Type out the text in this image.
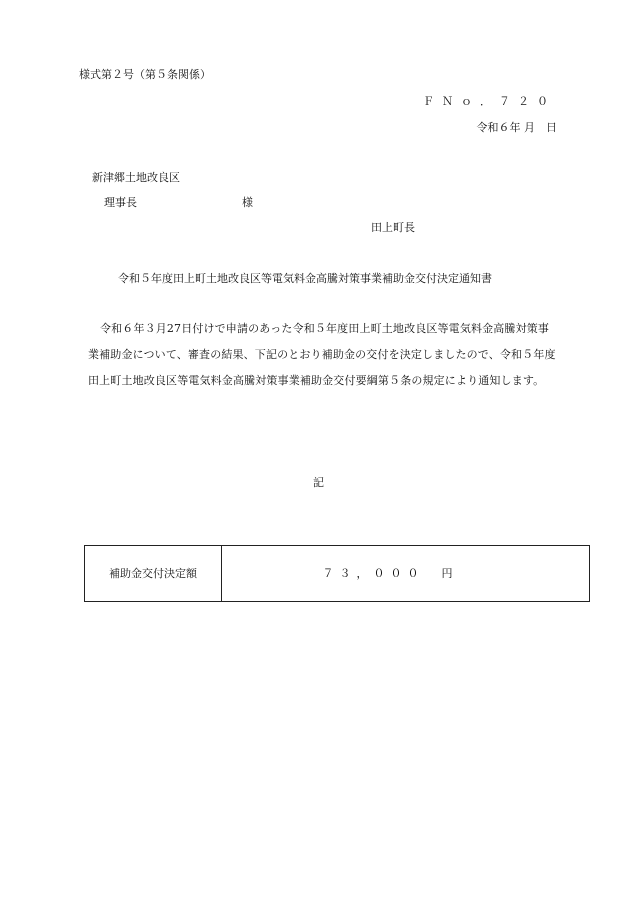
様式第２号（第５条関係）
ＦＮｏ．７２０
令和６年 月　日
新津郷土地改良区
理事長	様
田上町長
令和５年度田上町土地改良区等電気料金高騰対策事業補助金交付決定通知書
令和６年３月27日付けで申請のあった令和５年度田上町土地改良区等電気料金高騰対策事業補助金について、審査の結果、下記のとおり補助金の交付を決定しましたので、令和５年度田上町土地改良区等電気料金高騰対策事業補助金交付要綱第５条の規定により通知します。
記
補助金交付決定額	７３，０００　円
